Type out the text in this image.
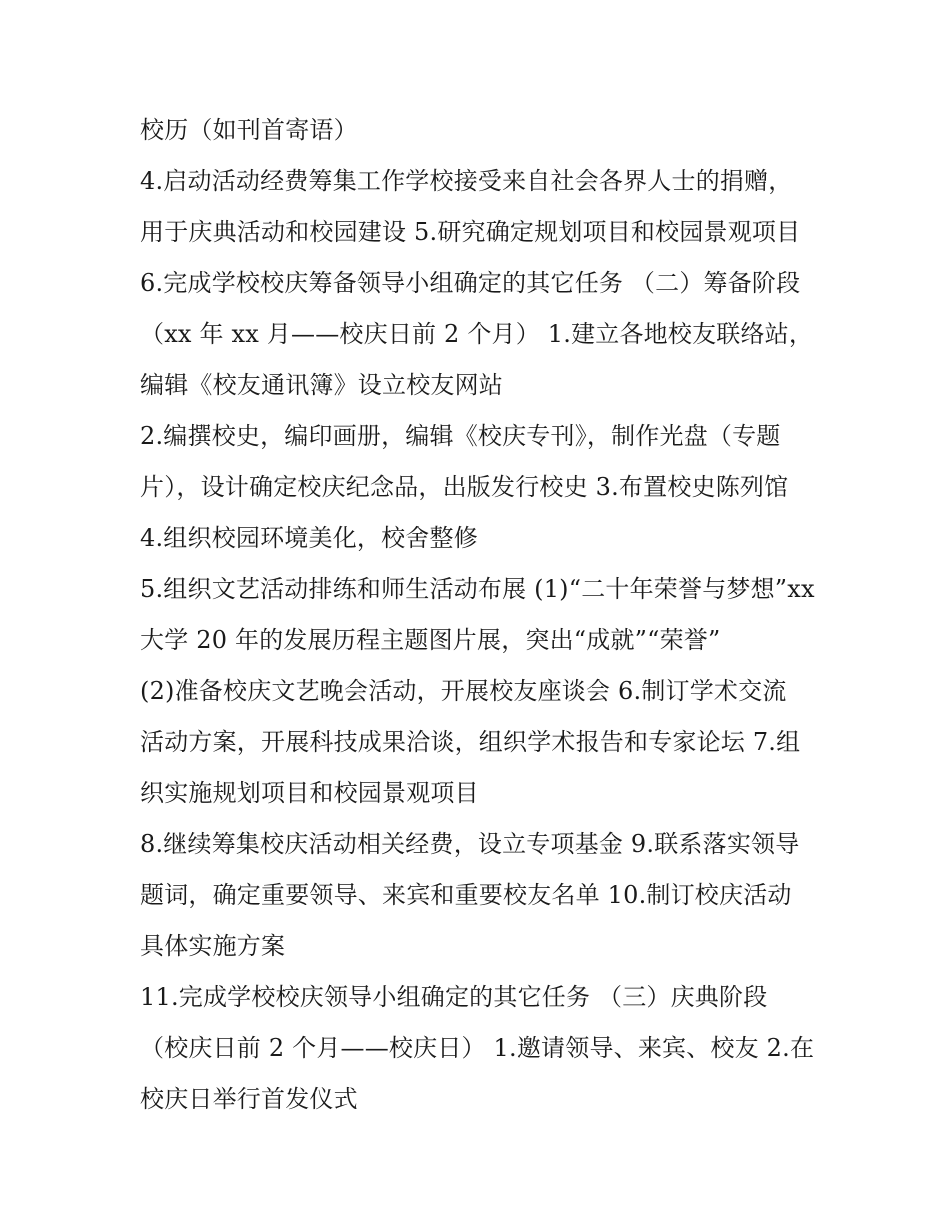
校历（如刊首寄语）
4.启动活动经费筹集工作学校接受来自社会各界人士的捐赠，
用于庆典活动和校园建设 5.研究确定规划项目和校园景观项目
6.完成学校校庆筹备领导小组确定的其它任务 （二）筹备阶段
（xx 年 xx 月——校庆日前 2 个月） 1.建立各地校友联络站，
编辑《校友通讯簿》设立校友网站
2.编撰校史，编印画册，编辑《校庆专刊》，制作光盘（专题
片），设计确定校庆纪念品，出版发行校史 3.布置校史陈列馆
4.组织校园环境美化，校舍整修
5.组织文艺活动排练和师生活动布展 (1)“二十年荣誉与梦想”xx
大学 20 年的发展历程主题图片展，突出“成就”“荣誉”
(2)准备校庆文艺晚会活动，开展校友座谈会 6.制订学术交流
活动方案，开展科技成果洽谈，组织学术报告和专家论坛 7.组
织实施规划项目和校园景观项目
8.继续筹集校庆活动相关经费，设立专项基金 9.联系落实领导
题词，确定重要领导、来宾和重要校友名单 10.制订校庆活动
具体实施方案
11.完成学校校庆领导小组确定的其它任务 （三）庆典阶段
（校庆日前 2 个月——校庆日） 1.邀请领导、来宾、校友 2.在
校庆日举行首发仪式
